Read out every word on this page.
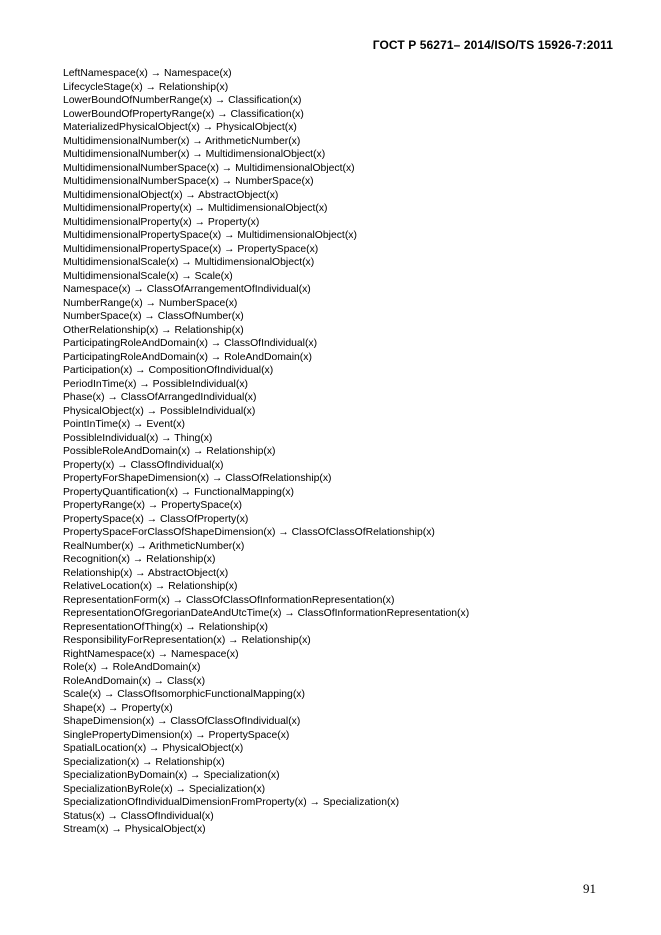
ГОСТ Р 56271– 2014/ISO/TS 15926-7:2011
LeftNamespace(x) → Namespace(x)
LifecycleStage(x) → Relationship(x)
LowerBoundOfNumberRange(x) → Classification(x)
LowerBoundOfPropertyRange(x) → Classification(x)
MaterializedPhysicalObject(x) → PhysicalObject(x)
MultidimensionalNumber(x) → ArithmeticNumber(x)
MultidimensionalNumber(x) → MultidimensionalObject(x)
MultidimensionalNumberSpace(x) → MultidimensionalObject(x)
MultidimensionalNumberSpace(x) → NumberSpace(x)
MultidimensionalObject(x) → AbstractObject(x)
MultidimensionalProperty(x) → MultidimensionalObject(x)
MultidimensionalProperty(x) → Property(x)
MultidimensionalPropertySpace(x) → MultidimensionalObject(x)
MultidimensionalPropertySpace(x) → PropertySpace(x)
MultidimensionalScale(x) → MultidimensionalObject(x)
MultidimensionalScale(x) → Scale(x)
Namespace(x) → ClassOfArrangementOfIndividual(x)
NumberRange(x) → NumberSpace(x)
NumberSpace(x) → ClassOfNumber(x)
OtherRelationship(x) → Relationship(x)
ParticipatingRoleAndDomain(x) → ClassOfIndividual(x)
ParticipatingRoleAndDomain(x) → RoleAndDomain(x)
Participation(x) → CompositionOfIndividual(x)
PeriodInTime(x) → PossibleIndividual(x)
Phase(x) → ClassOfArrangedIndividual(x)
PhysicalObject(x) → PossibleIndividual(x)
PointInTime(x) → Event(x)
PossibleIndividual(x) → Thing(x)
PossibleRoleAndDomain(x) → Relationship(x)
Property(x) → ClassOfIndividual(x)
PropertyForShapeDimension(x) → ClassOfRelationship(x)
PropertyQuantification(x) → FunctionalMapping(x)
PropertyRange(x) → PropertySpace(x)
PropertySpace(x) → ClassOfProperty(x)
PropertySpaceForClassOfShapeDimension(x) → ClassOfClassOfRelationship(x)
RealNumber(x) → ArithmeticNumber(x)
Recognition(x) → Relationship(x)
Relationship(x) → AbstractObject(x)
RelativeLocation(x) → Relationship(x)
RepresentationForm(x) → ClassOfClassOfInformationRepresentation(x)
RepresentationOfGregorianDateAndUtcTime(x) → ClassOfInformationRepresentation(x)
RepresentationOfThing(x) → Relationship(x)
ResponsibilityForRepresentation(x) → Relationship(x)
RightNamespace(x) → Namespace(x)
Role(x) → RoleAndDomain(x)
RoleAndDomain(x) → Class(x)
Scale(x) → ClassOfIsomorphicFunctionalMapping(x)
Shape(x) → Property(x)
ShapeDimension(x) → ClassOfClassOfIndividual(x)
SinglePropertyDimension(x) → PropertySpace(x)
SpatialLocation(x) → PhysicalObject(x)
Specialization(x) → Relationship(x)
SpecializationByDomain(x) → Specialization(x)
SpecializationByRole(x) → Specialization(x)
SpecializationOfIndividualDimensionFromProperty(x) → Specialization(x)
Status(x) → ClassOfIndividual(x)
Stream(x) → PhysicalObject(x)
91
